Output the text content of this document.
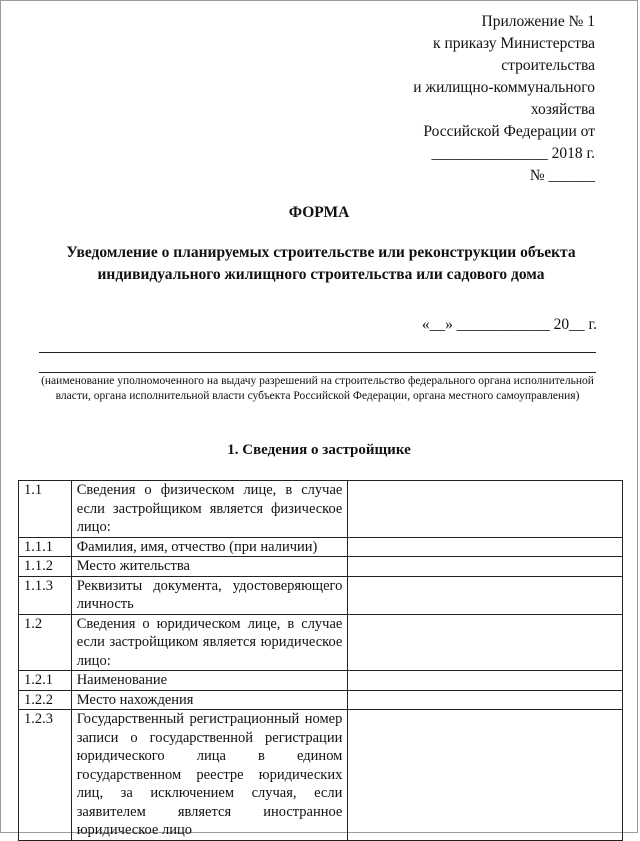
Приложение № 1
к приказу Министерства
строительства
и жилищно-коммунального
хозяйства
Российской Федерации от
_______________ 2018 г.
№ ______
ФОРМА
Уведомление о планируемых строительстве или реконструкции объекта индивидуального жилищного строительства или садового дома
«__» ____________ 20__ г.
(наименование уполномоченного на выдачу разрешений на строительство федерального органа исполнительной власти, органа исполнительной власти субъекта Российской Федерации, органа местного самоуправления)
1. Сведения о застройщике
1.1	Сведения о физическом лице, в случае если застройщиком является физическое лицо:	
1.1.1	Фамилия, имя, отчество (при наличии)	
1.1.2	Место жительства	
1.1.3	Реквизиты документа, удостоверяющего личность	
1.2	Сведения о юридическом лице, в случае если застройщиком является юридическое лицо:	
1.2.1	Наименование	
1.2.2	Место нахождения	
1.2.3	Государственный регистрационный номер записи о государственной регистрации юридического лица в едином государственном реестре юридических лиц, за исключением случая, если заявителем является иностранное юридическое лицо	
